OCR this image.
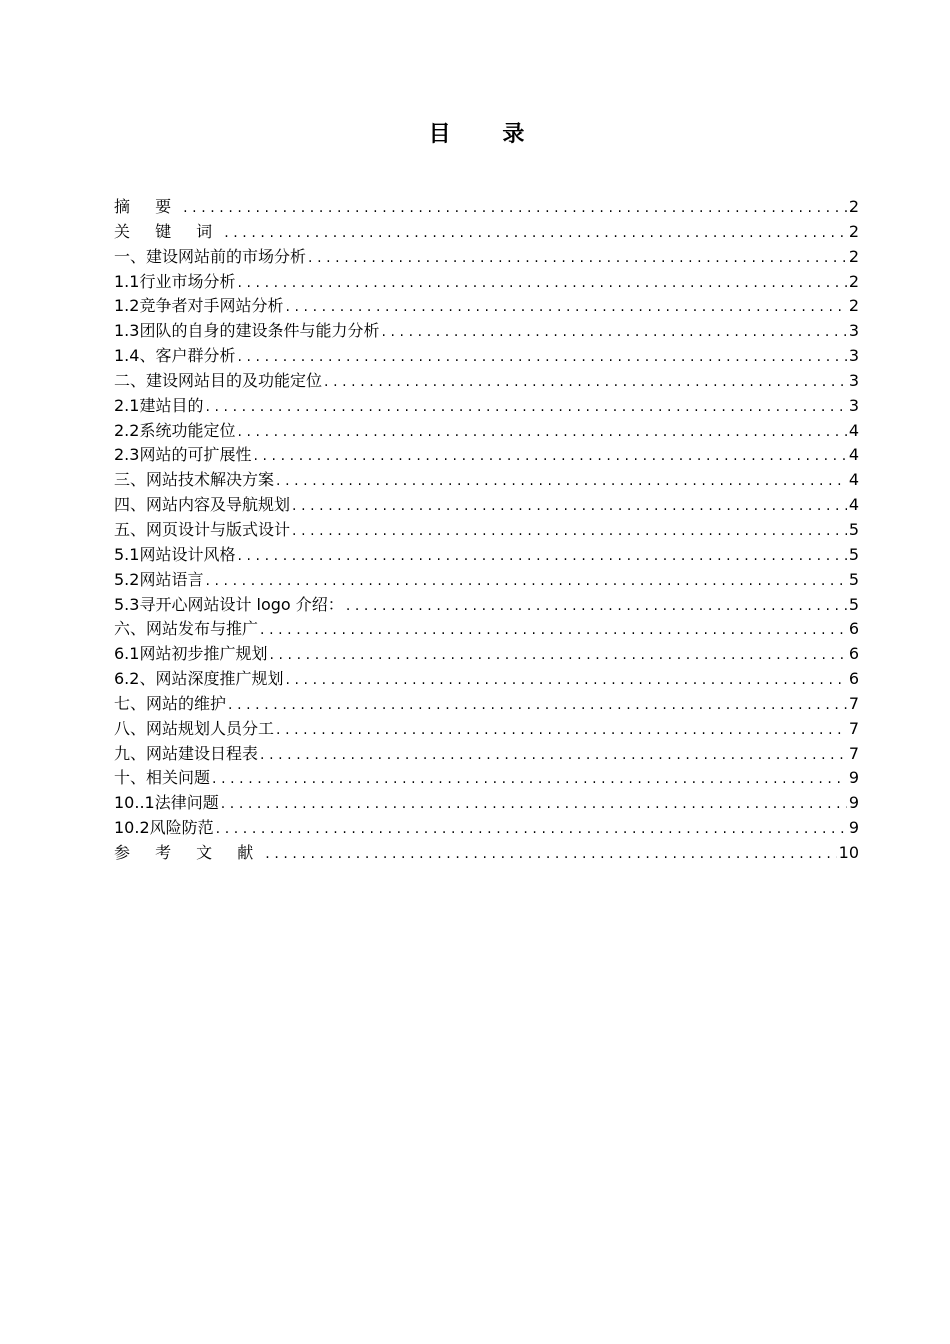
目 录
摘 要 .....	2
关 键 词 .....	2
一、建设网站前的市场分析 .....	2
1.1行业市场分析 .....	2
1.2竞争者对手网站分析 .....	2
1.3团队的自身的建设条件与能力分析 .....	3
1.4、客户群分析 .....	3
二、建设网站目的及功能定位 .....	3
2.1建站目的 .....	3
2.2系统功能定位 .....	4
2.3网站的可扩展性 .....	4
三、网站技术解决方案 .....	4
四、网站内容及导航规划 .....	4
五、网页设计与版式设计 .....	5
5.1网站设计风格 .....	5
5.2网站语言 .....	5
5.3寻开心网站设计 logo 介绍： .....	5
六、网站发布与推广 .....	6
6.1网站初步推广规划 .....	6
6.2、网站深度推广规划 .....	6
七、网站的维护 .....	7
八、网站规划人员分工 .....	7
九、网站建设日程表 .....	7
十、相关问题 .....	9
10..1法律问题 .....	9
10.2风险防范 .....	9
参 考 文 献 .....	10
